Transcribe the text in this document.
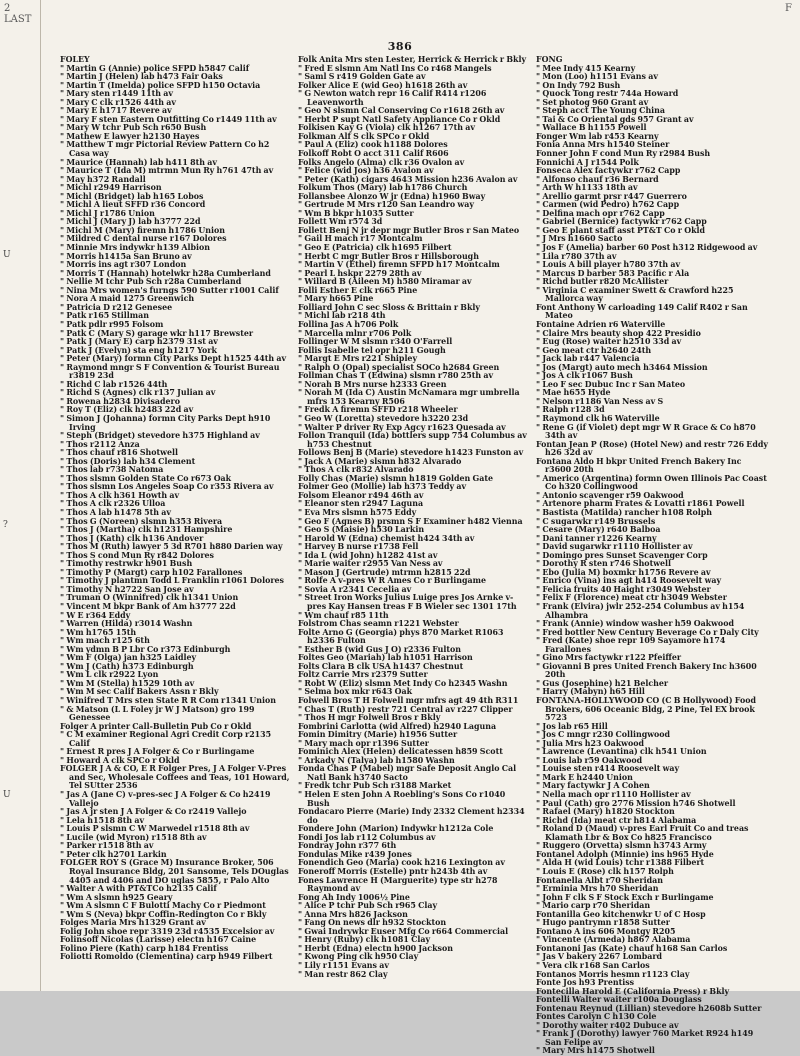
2
LAST
F
U
?
U
386
FOLEY
" Martin G (Annie) police SFPD h5847 Calif
" Martin J (Helen) lab h473 Fair Oaks
" Martin T (Imelda) police SFPD h150 Octavia
" Mary sten r1449 11th av
" Mary C clk r1526 44th av
" Mary E h1717 Revere av
" Mary F sten Eastern Outfitting Co r1449 11th av
" Mary W tchr Pub Sch r650 Bush
" Mathew E lawyer h2130 Hayes
" Matthew T mgr Pictorial Review Pattern Co h2 Casa way
" Maurice (Hannah) lab h411 8th av
" Maurice T (Ida M) mtrmn Mun Ry h761 47th av
" May h372 Randall
" Michl r2949 Harrison
" Michl (Bridget) lab h165 Lobos
" Michl A lieut SFFD r36 Concord
" Michl J r1786 Union
" Michl J (Mary J) lab h3777 22d
" Michl M (Mary) firemn h1786 Union
" Mildred C dental nurse r167 Dolores
" Minnie Mrs indywkr h139 Albion
" Morris h1415a San Bruno av
" Morris ins agt r307 London
" Morris T (Hannah) hotelwkr h28a Cumberland
" Nellie M tchr Pub Sch r28a Cumberland
" Nina Mrs women's furngs 590 Sutter r1001 Calif
" Nora A maid 1275 Greenwich
" Patricia D r212 Genesee
" Patk r165 Stillman
" Patk pdlr r995 Folsom
" Patk C (Mary S) garage wkr h117 Brewster
" Patk J (Mary E) carp h2379 31st av
" Patk J (Evelyn) sta eng h1217 York
" Peter (Mary) formn City Parks Dept h1525 44th av
" Raymond mngr S F Convention & Tourist Bureau r3819 23d
" Richd C lab r1526 44th
" Richd S (Agnes) clk r137 Julian av
" Rowena h2834 Divisadero
" Roy T (Eliz) clk h2483 22d av
" Simon J (Johanna) formn City Parks Dept h910 Irving
" Steph (Bridget) stevedore h375 Highland av
" Thos r2112 Anza
" Thos chauf r816 Shotwell
" Thos (Doris) lab h34 Clement
" Thos lab r738 Natoma
" Thos slsmn Golden State Co r673 Oak
" Thos slsmn Los Angeles Soap Co r353 Rivera av
" Thos A clk h361 Howth av
" Thos A clk r2326 Ulloa
" Thos A lab h1478 5th av
" Thos G (Noreen) slsmn h353 Rivera
" Thos J (Martha) clk h1231 Hampshire
" Thos J (Kath) clk h136 Andover
" Thos M (Ruth) lawyer 5 3d R701 h880 Darien way
" Thos S cond Mun Ry r842 Dolores
" Timothy restrwkr h901 Bush
" Timothy P (Margt) carp h102 Farallones
" Timothy J plantmn Todd L Franklin r1061 Dolores
" Timothy N h2722 San Jose av
" Truman O (Winnifred) clk h1341 Union
" Vincent M bkpr Bank of Am h3777 22d
" W E r364 Eddy
" Warren (Hilda) r3014 Washn
" Wm h1765 15th
" Wm mach r125 6th
" Wm ydmn B P Lbr Co r373 Edinburgh
" Wm F (Olga) jan h325 Laidley
" Wm J (Cath) h373 Edinburgh
" Wm L clk r2922 Lyon
" Wm M (Stella) h1529 10th av
" Wm M sec Calif Bakers Assn r Bkly
" Winifred T Mrs sten State R R Com r1341 Union
" & Matson (L L Foley jr W J Matson) gro 199 Genessee
Folger A printer Call-Bulletin Pub Co r Okld
" C M examiner Regional Agri Credit Corp r2135 Calif
" Ernest R pres J A Folger & Co r Burlingame
" Howard A clk SPCo r Okld
FOLGER J A & CO, E R Folger Pres, J A Folger V-Pres and Sec, Wholesale Coffees and Teas, 101 Howard, Tel SUtter 2536
" Jas A (Jane C) v-pres-sec J A Folger & Co h2419 Vallejo
" Jas A jr sten J A Folger & Co r2419 Vallejo
" Lela h1518 8th av
" Louis P slsmn C W Marwedel r1518 8th av
" Lucile (wid Myron) r1518 8th av
" Parker r1518 8th av
" Peter clk h2701 Larkin
FOLGER ROY S (Grace M) Insurance Broker, 506 Royal Insurance Bldg, 201 Sansome, Tels DOuglas 4405 and 4406 and DO uglas 5855, r Palo Alto
" Walter A with PT&TCo h2135 Calif
" Wm A slsmn h925 Geary
" Wm A slsmn C F Bulotti Machy Co r Piedmont
" Wm S (Neva) bkpr Coffin-Redington Co r Bkly
Folges Maria Mrs h1329 Grant av
Folig John shoe repr 3319 23d r4535 Excelsior av
Folinsoff Nicolas (Larisse) electn h167 Caine
Folino Piere (Kath) carp h184 Frentiss
Foliotti Romoldo (Clementina) carp h949 Filbert
Folk Anita Mrs sten Lester, Herrick & Herrick r Bkly
" Fred E slsmn Am Natl Ins Co r468 Mangels
" Saml S r419 Golden Gate av
Folker Alice E (wid Geo) h1618 26th av
" G Newton watch repr 16 Calif R414 r1206 Leavenworth
" Geo N slsmn Cal Conserving Co r1618 26th av
" Herbt P supt Natl Safety Appliance Co r Okld
Folkisen Kay G (Viola) clk h1267 17th av
Folkman Alf S clk SPCo r Okld
" Paul A (Eliz) cook h1188 Dolores
Folkoff Robt O acct 311 Calif R606
Folks Angelo (Alma) clk r36 Ovalon av
" Felice (wid Jos) h36 Avalon av
" Peter (Kath) cigars 4643 Mission h236 Avalon av
Folkum Thos (Mary) lab h1786 Church
Follansbee Alonzo W jr (Edna) h1960 Bway
" Gertrude M Mrs r120 San Leandro way
" Wm B bkpr h1035 Sutter
Follett Wm r574 3d
Follett Benj N jr depr mgr Butler Bros r San Mateo
" Gail H mach r17 Montcalm
" Geo E (Patricia) clk h1695 Filbert
" Herbt C mgr Butler Bros r Hillsborough
" Martin V (Ethel) firemn SFPD h17 Montcalm
" Pearl L hskpr 2279 28th av
" Willard B (Aileen M) h580 Miramar av
Folli Esther E clk r665 Pine
" Mary h665 Pine
Folliard John C sec Sloss & Brittain r Bkly
" Michl lab r218 4th
Follina Jas A h706 Polk
" Marcella mlnr r706 Polk
Follinger W M slsmn r340 O'Farrell
Follis Isabelle tel opr h211 Gough
" Margt E Mrs r221 Shipley
" Ralph O (Opal) specialist SOCo h2684 Green
Follman Chas T (Edwina) slsmn r780 25th av
" Norah B Mrs nurse h2333 Green
" Norah M (Ida C) Austin McNamara mgr umbrella mfrs 153 Kearny R506
" Fredk A firemn SFFD r218 Wheeler
" Geo W (Loretta) stevedore h3220 23d
" Walter P driver Ry Exp Agcy r1623 Quesada av
Follon Tranquil (Ida) bottlers supp 754 Columbus av h753 Chestnut
Follows Benj B (Marie) stevedore h1423 Funston av
" Jack A (Marie) slsmn h832 Alvarado
" Thos A clk r832 Alvarado
Folly Chas (Marie) slsmn h1819 Golden Gate
Folmer Geo (Mollie) lab h373 Teddy av
Folsom Eleanor r494 46th av
" Eleanor sten r2947 Laguna
" Eva Mrs slsmn h575 Eddy
" Geo F (Agnes B) prsmn S F Examiner h482 Vienna
" Geo S (Maisie) h530 Larkin
" Harold W (Edna) chemist h424 34th av
" Harvey B nurse r1738 Fell
" Ida L (wid John) h1282 41st av
" Marie waiter r2955 Van Ness av
" Mason J (Gertrude) mtrmn h2815 22d
" Rolfe A v-pres W R Ames Co r Burlingame
" Sovia A r2341 Cecelia av
" Street Iron Works Julius Luige pres Jos Arnke v-pres Kay Hansen treas F B Wieler sec 1301 17th
" Wm chauf r85 11th
Folstrom Chas seamn r1221 Webster
Folte Arno G (Georgia) phys 870 Market R1063 h2336 Fulton
" Esther B (wid Gus J O) r2336 Fulton
Foltes Geo (Mariah) lab h1051 Harrison
Folts Clara B clk USA h1437 Chestnut
Foltz Carrie Mrs r2379 Sutter
" Robt W (Eliz) slsmn Met Indy Co h2345 Washn
" Selma box mkr r643 Oak
Folwell Bros T H Folwell mgr mfrs agt 49 4th R311
" Chas T (Ruth) restr 721 Central av r227 Clipper
" Thos H mgr Folwell Bros r Bkly
Fombrini Carlotta (wid Alfred) h2940 Laguna
Fomin Dimitry (Marie) h1956 Sutter
" Mary mach opr r1396 Sutter
Fominich Alex (Helen) delicatessen h859 Scott
" Arkady N (Talya) lab h1580 Washn
Fonda Chas P (Mabel) mgr Safe Deposit Anglo Cal Natl Bank h3740 Sacto
" Fredk tchr Pub Sch r3188 Market
" Helen E sten John A Roebling's Sons Co r1040 Bush
Fondacaro Pierre (Marie) Indy 2332 Clement h2334 do
Fondere John (Marion) Indywkr h1212a Cole
Fondi Jos lab r112 Columbus av
Fondray John r377 6th
Fondulas Mike r439 Jones
Fonendich Geo (Maria) cook h216 Lexington av
Foneroff Morris (Estelle) pntr h243b 4th av
Fones Lawrence H (Marguerite) type str h278 Raymond av
Fong Ah Indy 1006½ Pine
" Alice P tchr Pub Sch r965 Clay
" Anna Mrs h826 Jackson
" Fang On news dlr h932 Stockton
" Gwai Indrywkr Euser Mfg Co r664 Commercial
" Henry (Ruby) clk h1081 Clay
" Herbt (Edna) electn h900 Jackson
" Kwong Ping clk h950 Clay
" Lily r1151 Evans av
" Man restr 862 Clay
FONG
" Mee Indy 415 Kearny
" Mon (Loo) h1151 Evans av
" On Indy 792 Bush
" Quock Tong restr 744a Howard
" Set photog 960 Grant av
" Steph acct The Young China
" Tai & Co Oriental gds 957 Grant av
" Wallace B h1155 Powell
Fonger Wm lab r453 Kearny
Fonia Anna Mrs h1540 Steiner
Fonner John F cond Mun Ry r2984 Bush
Fonnichi A J r1544 Polk
Fonseca Alex factywkr r762 Capp
" Alfonso chauf r36 Bernard
" Arth W h1133 18th av
" Arellio garmt prsr r447 Guerrero
" Carmen (wid Pedro) h762 Capp
" Delfina mach opr r762 Capp
" Gabriel (Bernice) factywkr r762 Capp
" Geo E plant staff asst PT&T Co r Okld
" J Mrs h1660 Sacto
" Jos F (Amelia) barber 60 Post h312 Ridgewood av
" Lila r780 37th av
" Louis A bill player h780 37th av
" Marcus D barber 583 Pacific r Ala
" Richd butler r820 McAllister
" Virginia C examiner Swett & Crawford h225 Mallorca way
Font Anthony W carloading 149 Calif R402 r San Mateo
Fontaine Adrien r6 Waterville
" Claire Mrs beauty shop 422 Presidio
" Eug (Rose) waiter h2510 33d av
" Geo meat ctr h2640 24th
" Jack lab r447 Valencia
" Jos (Margt) auto mech h3464 Mission
" Jos A clk r1067 Bush
" Leo F sec Dubuc Inc r San Mateo
" Mae h655 Hyde
" Nelson r1186 Van Ness av S
" Ralph r128 3d
" Raymond clk h6 Waterville
" Rene G (if Violet) dept mgr W R Grace & Co h870 34th av
Fontan Jean P (Rose) (Hotel New) and restr 726 Eddy h26 32d av
Fontana Aldo H bkpr United French Bakery Inc r3600 20th
" Americo (Argentina) formn Owen Illinois Pac Coast Co h320 Collingwood
" Antonio scavenger r59 Oakwood
" Artenore pharm Frates & Lovatti r1861 Powell
" Bastista (Matilda) rancher h108 Rolph
" C sugarwkr r149 Brussels
" Cesare (Mary) r640 Balboa
" Dani tanner r1226 Kearny
" David sugarwkr r1110 Hollister av
" Domingo pres Sunset Scavenger Corp
" Dorothy R sten r746 Shotwell
" Ebo (Julia M) boxmkr h1756 Revere av
" Enrico (Vina) ins agt h414 Roosevelt way
" Felicia fruits 40 Haight r3049 Webster
" Felix F (Florence) meat ctr h3049 Webster
" Frank (Elvira) jwlr 252-254 Columbus av h154 Alhambra
" Frank (Annie) window washer h59 Oakwood
" Fred bottler New Century Beverage Co r Daly City
" Fred (Kate) shoe repr 109 Sayamore h174 Farallones
" Gino Mrs factywkr r122 Pfeiffer
" Giovanni B pres United French Bakery Inc h3600 20th
" Gus (Josephine) h21 Belcher
" Harry (Mabyn) h65 Hill
FONTANA-HOLLYWOOD CO (C B Hollywood) Food Brokers, 606 Oceanic Bldg, 2 Pine, Tel EX brook 5723
" Jos lab r65 Hill
" Jos C mngr r230 Collingwood
" Julia Mrs h23 Oakwood
" Lawrence (Levantina) clk h541 Union
" Louis lab r59 Oakwood
" Louise sten r414 Roosevelt way
" Mark E h2440 Union
" Mary factywkr J A Cohen
" Nella mach opr r1110 Hollister av
" Paul (Cath) gro 2776 Mission h746 Shotwell
" Rafael (Mary) h1820 Stockton
" Richd (Ida) meat ctr h814 Alabama
" Roland D (Maud) v-pres Earl Fruit Co and treas Klamath Lbr & Box Co h825 Francisco
" Ruggero (Orvetta) slsmn h3743 Army
Fontanel Adolph (Minnie) ins h965 Hyde
" Alda H (wid Louis) tchr r1388 Filbert
" Louis E (Rose) clk h157 Rolph
Fontanella Albt r70 Sheridan
" Erminia Mrs h70 Sheridan
" John F clk S F Stock Exch r Burlingame
" Mario carp r70 Sheridan
Fontanilla Geo kitchenwkr U of C Hosp
" Hugo pantrymn r1858 Sutter
Fontano A ins 606 Montgy R205
" Vincente (Armeda) h867 Alabama
Fontanoni Jas (Kate) chauf h168 San Carlos
" Jas V bakery 2267 Lombard
" Vera clk r168 San Carlos
Fontanos Morris hesmn r1123 Clay
Fonte Jos h93 Prentiss
Fontecilla Harold E (California Press) r Bkly
Fontelli Walter waiter r100a Douglass
Fontenau Reynud (Lillian) stevedore h2608b Sutter
Fontes Carolyn C h130 Cole
" Dorothy waiter r402 Dubuce av
" Frank J (Dorothy) lawyer 760 Market R924 h149 San Felipe av
" Mary Mrs h1475 Shotwell
